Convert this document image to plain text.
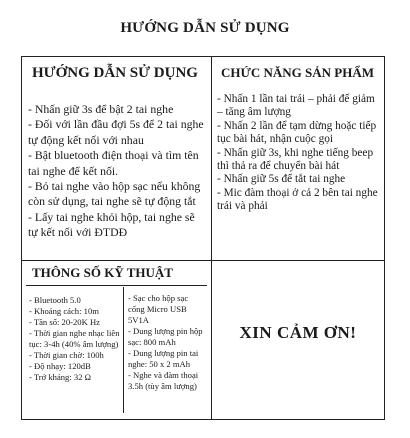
HƯỚNG DẪN SỬ DỤNG
HƯỚNG DẪN SỬ DỤNG
- Nhấn giữ 3s để bật 2 tai nghe
- Đối với lần đầu đợi 5s để 2 tai nghe tự động kết nối với nhau
- Bật bluetooth điện thoại và tìm tên tai nghe để kết nối.
- Bỏ tai nghe vào hộp sạc nếu không còn sử dụng, tai nghe sẽ tự động tắt
- Lấy tai nghe khỏi hộp, tai nghe sẽ tự kết nối với ĐTDĐ
CHỨC NĂNG SẢN PHẨM
- Nhấn 1 lần tai trái – phải để giảm – tăng âm lượng
- Nhấn 2 lần để tạm dừng hoặc tiếp tục bài hát, nhận cuộc gọi
- Nhấn giữ 3s, khi nghe tiếng beep thì thả ra để chuyển bài hát
- Nhấn giữ 5s để tắt tai nghe
- Mic đàm thoại ở cả 2 bên tai nghe trái và phải
THÔNG SỐ KỸ THUẬT
- Bluetooth 5.0
- Khoảng cách: 10m
- Tần số: 20-20K Hz
- Thời gian nghe nhạc liên tục: 3-4h (40% âm lượng)
- Thời gian chờ: 100h
- Độ nhạy: 120dB
- Trở kháng: 32 Ω
- Sạc cho hộp sạc cổng Micro USB 5V1A
- Dung lượng pin hộp sạc: 800 mAh
- Dung lượng pin tai nghe: 50 x 2 mAh
- Nghe và đàm thoại 3.5h (tùy âm lượng)
XIN CẢM ƠN!
